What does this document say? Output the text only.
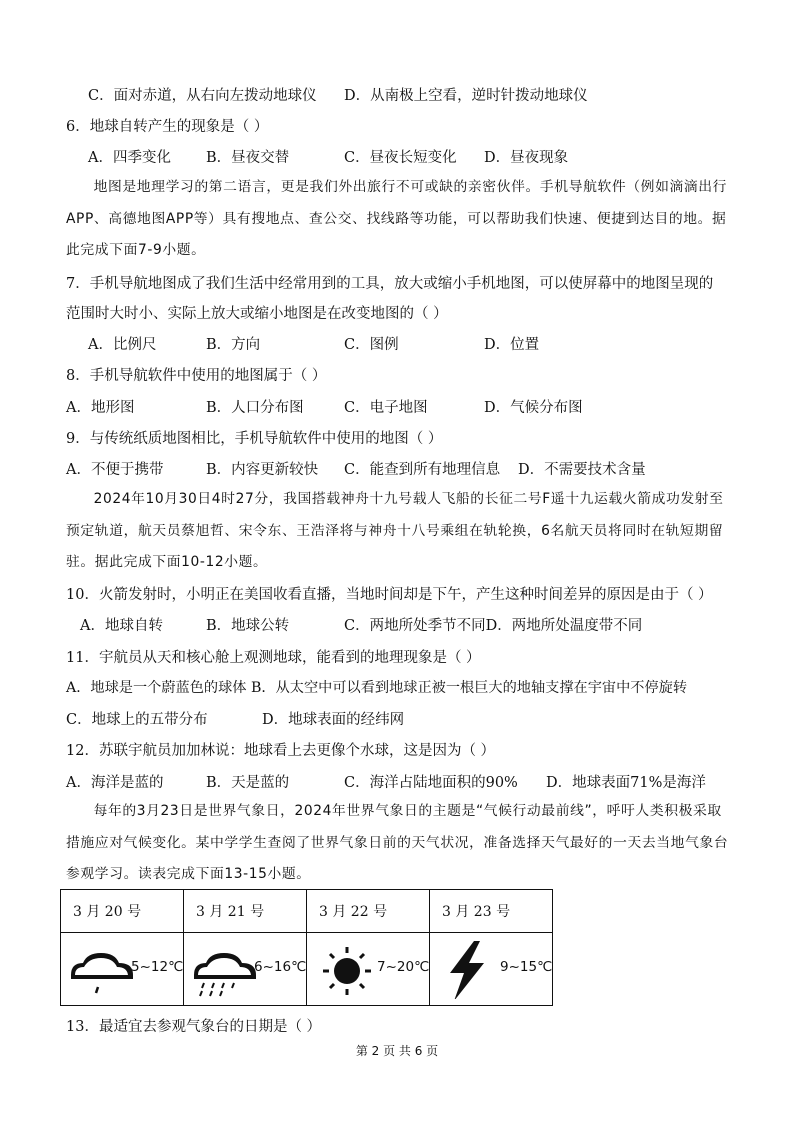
C．面对赤道，从右向左拨动地球仪 D．从南极上空看，逆时针拨动地球仪
6．地球自转产生的现象是（ ）
A．四季变化 B．昼夜交替	C．昼夜长短变化 D．昼夜现象
地图是地理学习的第二语言，更是我们外出旅行不可或缺的亲密伙伴。手机导航软件（例如滴滴出行APP、高德地图APP等）具有搜地点、查公交、找线路等功能，可以帮助我们快速、便捷到达目的地。据此完成下面7-9小题。
7．手机导航地图成了我们生活中经常用到的工具，放大或缩小手机地图，可以使屏幕中的地图呈现的
范围时大时小、实际上放大或缩小地图是在改变地图的（ ）
A．比例尺	B．方向	C．图例	D．位置
8．手机导航软件中使用的地图属于（ ）
A．地形图	B．人口分布图	C．电子地图	D．气候分布图
9．与传统纸质地图相比，手机导航软件中使用的地图（ ）
A．不便于携带	B．内容更新较快 C．能查到所有地理信息 D．不需要技术含量
2024年10月30日4时27分，我国搭载神舟十九号载人飞船的长征二号F遥十九运载火箭成功发射至预定轨道，航天员蔡旭哲、宋令东、王浩泽将与神舟十八号乘组在轨轮换，6名航天员将同时在轨短期留驻。据此完成下面10-12小题。
10．火箭发射时，小明正在美国收看直播，当地时间却是下午，产生这种时间差异的原因是由于（ ）
A．地球自转	B．地球公转	C．两地所处季节不同D．两地所处温度带不同
11．宇航员从天和核心舱上观测地球，能看到的地理现象是（ ）
A．地球是一个蔚蓝色的球体 B．从太空中可以看到地球正被一根巨大的地轴支撑在宇宙中不停旋转
C．地球上的五带分布	D．地球表面的经纬网
12．苏联宇航员加加林说：地球看上去更像个水球，这是因为（ ）
A．海洋是蓝的	B．天是蓝的	C．海洋占陆地面积的90% D．地球表面71%是海洋
每年的3月23日是世界气象日，2024年世界气象日的主题是“气候行动最前线”，呼吁人类积极采取措施应对气候变化。某中学学生查阅了世界气象日前的天气状况，准备选择天气最好的一天去当地气象台参观学习。读表完成下面13-15小题。
3 月 20 号	3 月 21 号	3 月 22 号	3 月 23 号

5~12℃	6~16℃	7~20℃	9~15℃
13．最适宜去参观气象台的日期是（ ）
第 2 页 共 6 页
